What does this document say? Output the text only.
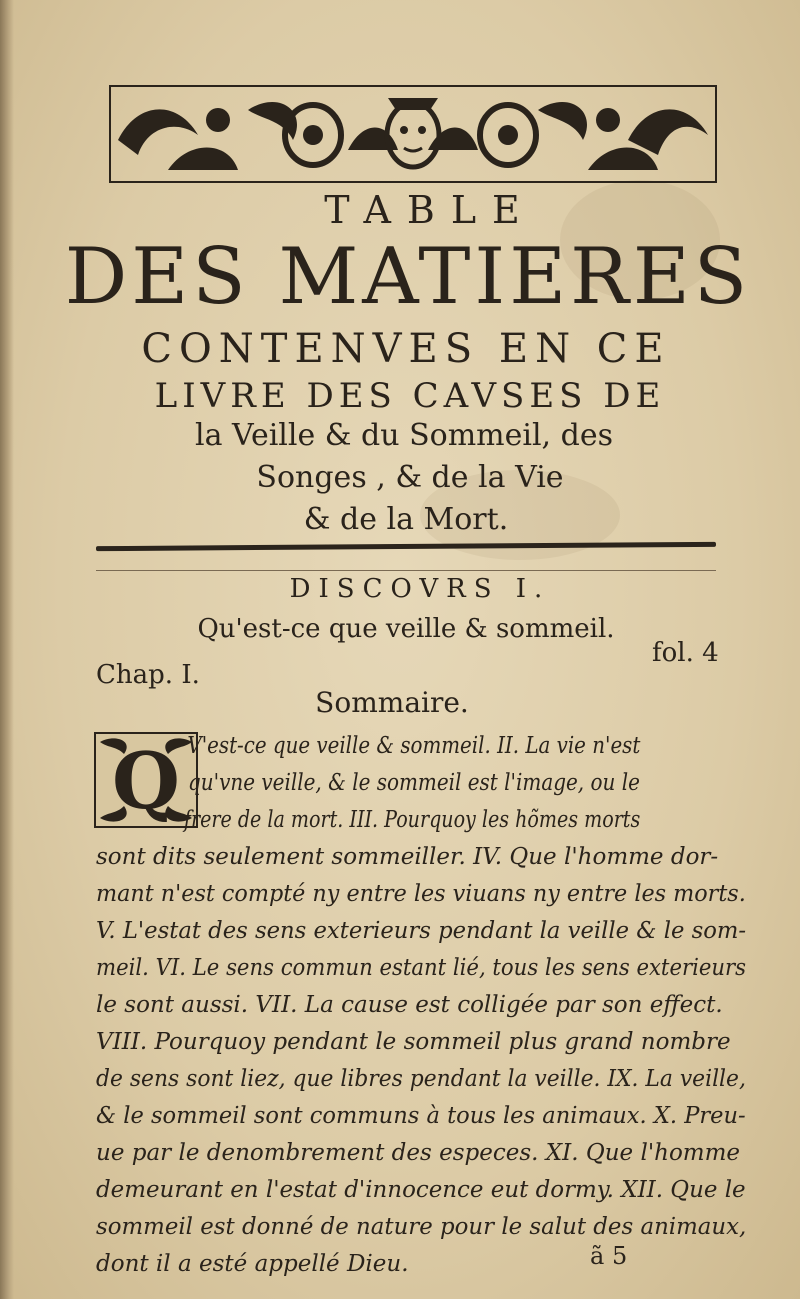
TABLE
DES MATIERES
CONTENVES EN CE
LIVRE DES CAVSES DE
la Veille & du Sommeil, des
Songes , & de la Vie
& de la Mort.
DISCOVRS I.
Qu'est-ce que veille & sommeil.
Chap. I.
fol. 4
Sommaire.
Q V'est-ce que veille & sommeil. II. La vie n'est
qu'vne veille, & le sommeil est l'image, ou le
frere de la mort. III. Pourquoy les hõmes morts
sont dits seulement sommeiller. IV. Que l'homme dor-
mant n'est compté ny entre les viuans ny entre les morts.
V. L'estat des sens exterieurs pendant la veille & le som-
meil. VI. Le sens commun estant lié, tous les sens exterieurs
le sont aussi. VII. La cause est colligée par son effect.
VIII. Pourquoy pendant le sommeil plus grand nombre
de sens sont liez, que libres pendant la veille. IX. La veille,
& le sommeil sont communs à tous les animaux. X. Preu-
ue par le denombrement des especes. XI. Que l'homme
demeurant en l'estat d'innocence eut dormy. XII. Que le
sommeil est donné de nature pour le salut des animaux,
dont il a esté appellé Dieu.	ã 5
